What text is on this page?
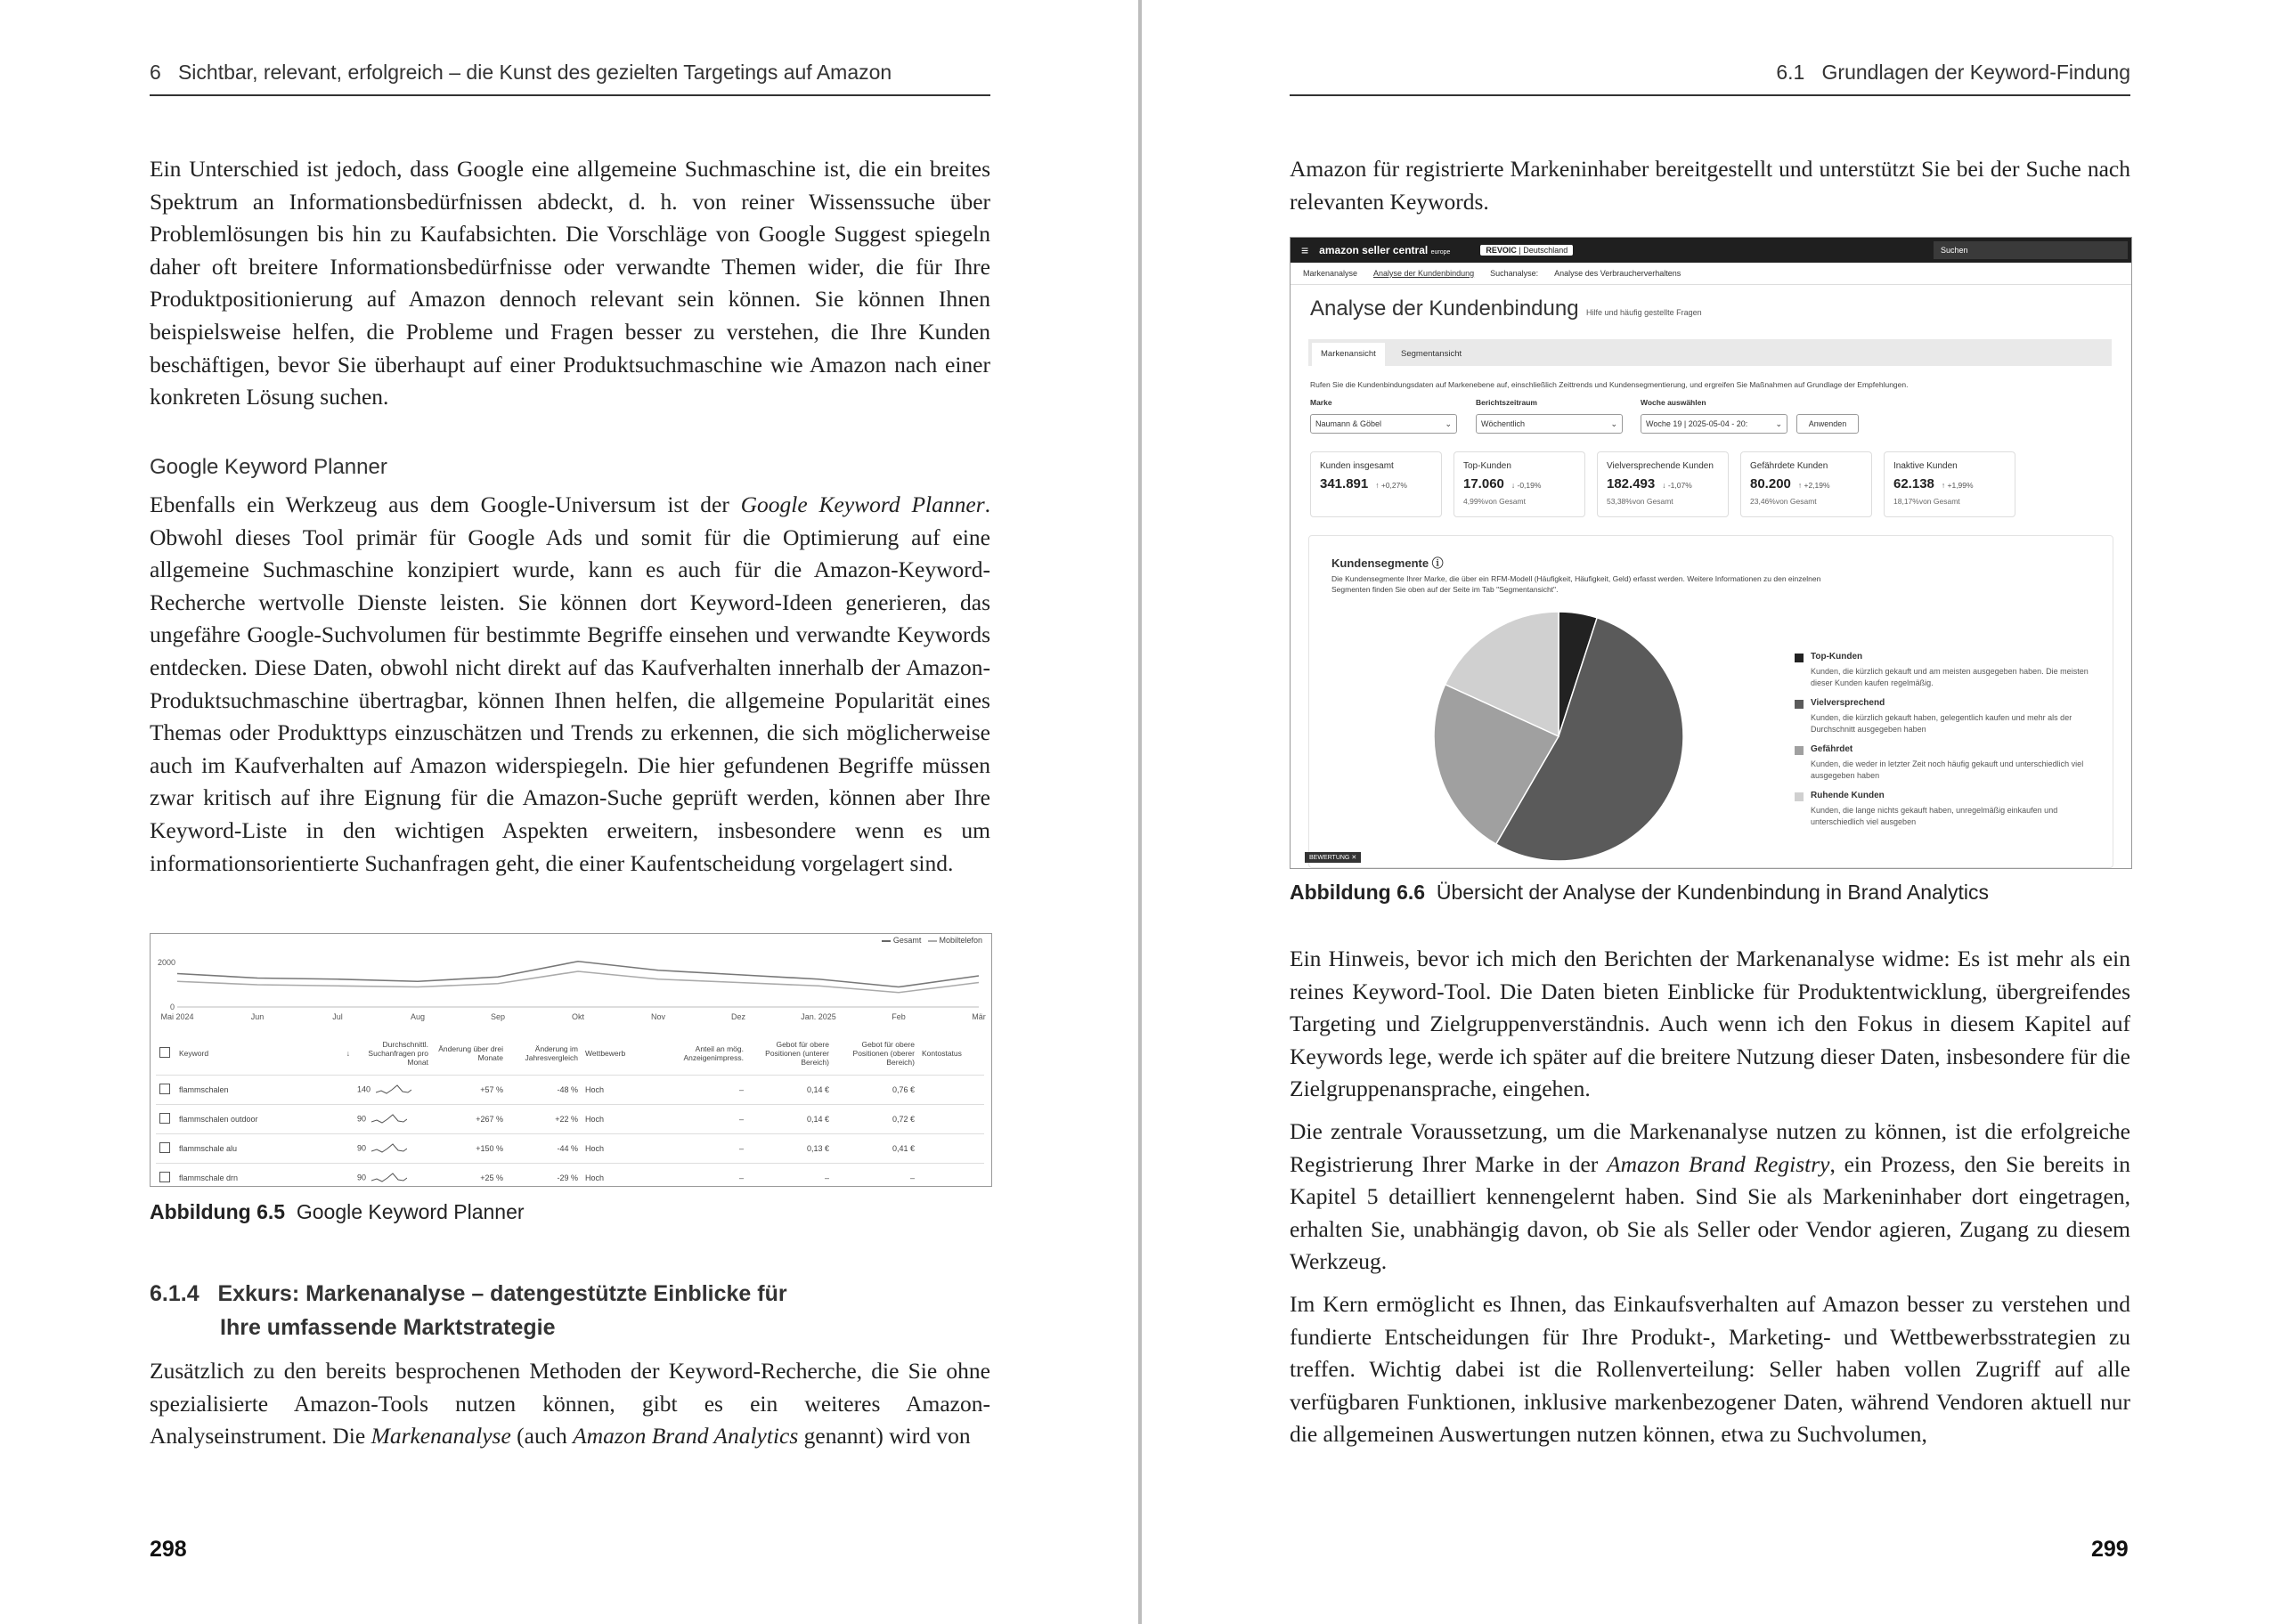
6 Sichtbar, relevant, erfolgreich – die Kunst des gezielten Targetings auf Amazon

Ein Unterschied ist jedoch, dass Google eine allgemeine Suchmaschine ist, die ein breites Spektrum an Informationsbedürfnissen abdeckt, d. h. von reiner Wissenssuche über Problemlösungen bis hin zu Kaufabsichten. Die Vorschläge von Google Suggest spiegeln daher oft breitere Informationsbedürfnisse oder verwandte Themen wider, die für Ihre Produktpositionierung auf Amazon dennoch relevant sein können. Sie können Ihnen beispielsweise helfen, die Probleme und Fragen besser zu verstehen, die Ihre Kunden beschäftigen, bevor Sie überhaupt auf einer Produktsuchmaschine wie Amazon nach einer konkreten Lösung suchen.

Google Keyword Planner

Ebenfalls ein Werkzeug aus dem Google-Universum ist der Google Keyword Planner. Obwohl dieses Tool primär für Google Ads und somit für die Optimierung auf eine allgemeine Suchmaschine konzipiert wurde, kann es auch für die Amazon-Keyword-Recherche wertvolle Dienste leisten. Sie können dort Keyword-Ideen generieren, das ungefähre Google-Suchvolumen für bestimmte Begriffe einsehen und verwandte Keywords entdecken. Diese Daten, obwohl nicht direkt auf das Kaufverhalten innerhalb der Amazon-Produktsuchmaschine übertragbar, können Ihnen helfen, die allgemeine Popularität eines Themas oder Produkttyps einzuschätzen und Trends zu erkennen, die sich möglicherweise auch im Kaufverhalten auf Amazon widerspiegeln. Die hier gefundenen Begriffe müssen zwar kritisch auf ihre Eignung für die Amazon-Suche geprüft werden, können aber Ihre Keyword-Liste in den wichtigen Aspekten erweitern, insbesondere wenn es um informationsorientierte Suchanfragen geht, die einer Kaufentscheidung vorgelagert sind.

2000
0
Mai 2024	Jun	Jul	Aug	Sep	Okt	Nov	Dez	Jan. 2025	Feb	Mär
Gesamt Mobiltelefon
	Keyword	↓	Durchschnittl. Suchanfragen pro Monat	Änderung über drei Monate	Änderung im Jahresvergleich	Wettbewerb	Anteil an mög. Anzeigenimpress.	Gebot für obere Positionen (unterer Bereich)	Gebot für obere Positionen (oberer Bereich)	Kontostatus
	flammschalen		140	+57 %	-48 %	Hoch	–	0,14 €	0,76 €	
	flammschalen outdoor		90	+267 %	+22 %	Hoch	–	0,14 €	0,72 €	
	flammschale alu		90	+150 %	-44 %	Hoch	–	0,13 €	0,41 €	
	flammschale drn		90	+25 %	-29 %	Hoch	–	–	–	
Abbildung 6.5 Google Keyword Planner
6.1.4 Exkurs: Markenanalyse – datengestützte Einblicke für
Ihre umfassende Marktstrategie

Zusätzlich zu den bereits besprochenen Methoden der Keyword-Recherche, die Sie ohne spezialisierte Amazon-Tools nutzen können, gibt es ein weiteres Amazon-Analyseinstrument. Die Markenanalyse (auch Amazon Brand Analytics genannt) wird von

298
6.1 Grundlagen der Keyword-Findung

Amazon für registrierte Markeninhaber bereitgestellt und unterstützt Sie bei der Suche nach relevanten Keywords.

≡ amazon seller central europe	REVOIC | Deutschland	Suchen
Markenanalyse Analyse der Kundenbindung Suchanalyse: Analyse des Verbraucherverhaltens
Analyse der Kundenbindung Hilfe und häufig gestellte Fragen
Markenansicht	Segmentansicht
Rufen Sie die Kundenbindungsdaten auf Markenebene auf, einschließlich Zeittrends und Kundensegmentierung, und ergreifen Sie Maßnahmen auf Grundlage der Empfehlungen.
Marke	Berichtszeitraum	Woche auswählen
Naumann & Göbel	⌄	Wöchentlich	⌄	Woche 19 | 2025-05-04 - 20:	⌄	Anwenden
Kunden insgesamt
341.891 ↑ +0,27%
Top-Kunden
17.060 ↓ -0,19%
4,99%von Gesamt
Vielversprechende Kunden
182.493 ↓ -1,07%
53,38%von Gesamt
Gefährdete Kunden
80.200 ↑ +2,19%
23,46%von Gesamt
Inaktive Kunden
62.138 ↑ +1,99%
18,17%von Gesamt
Kundensegmente ⓘ
Die Kundensegmente Ihrer Marke, die über ein RFM-Modell (Häufigkeit, Häufigkeit, Geld) erfasst werden. Weitere Informationen zu den einzelnen Segmenten finden Sie oben auf der Seite im Tab "Segmentansicht".
Top-Kunden
Kunden, die kürzlich gekauft und am meisten ausgegeben haben. Die meisten dieser Kunden kaufen regelmäßig.
Vielversprechend
Kunden, die kürzlich gekauft haben, gelegentlich kaufen und mehr als der Durchschnitt ausgegeben haben
Gefährdet
Kunden, die weder in letzter Zeit noch häufig gekauft und unterschiedlich viel ausgegeben haben
Ruhende Kunden
Kunden, die lange nichts gekauft haben, unregelmäßig einkaufen und unterschiedlich viel ausgeben
BEWERTUNG ✕
Abbildung 6.6 Übersicht der Analyse der Kundenbindung in Brand Analytics

Ein Hinweis, bevor ich mich den Berichten der Markenanalyse widme: Es ist mehr als ein reines Keyword-Tool. Die Daten bieten Einblicke für Produktentwicklung, übergreifendes Targeting und Zielgruppenverständnis. Auch wenn ich den Fokus in diesem Kapitel auf Keywords lege, werde ich später auf die breitere Nutzung dieser Daten, insbesondere für die Zielgruppenansprache, eingehen.

Die zentrale Voraussetzung, um die Markenanalyse nutzen zu können, ist die erfolgreiche Registrierung Ihrer Marke in der Amazon Brand Registry, ein Prozess, den Sie bereits in Kapitel 5 detailliert kennengelernt haben. Sind Sie als Markeninhaber dort eingetragen, erhalten Sie, unabhängig davon, ob Sie als Seller oder Vendor agieren, Zugang zu diesem Werkzeug.

Im Kern ermöglicht es Ihnen, das Einkaufsverhalten auf Amazon besser zu verstehen und fundierte Entscheidungen für Ihre Produkt-, Marketing- und Wettbewerbsstrategien zu treffen. Wichtig dabei ist die Rollenverteilung: Seller haben vollen Zugriff auf alle verfügbaren Funktionen, inklusive markenbezogener Daten, während Vendoren aktuell nur die allgemeinen Auswertungen nutzen können, etwa zu Suchvolumen,

299
